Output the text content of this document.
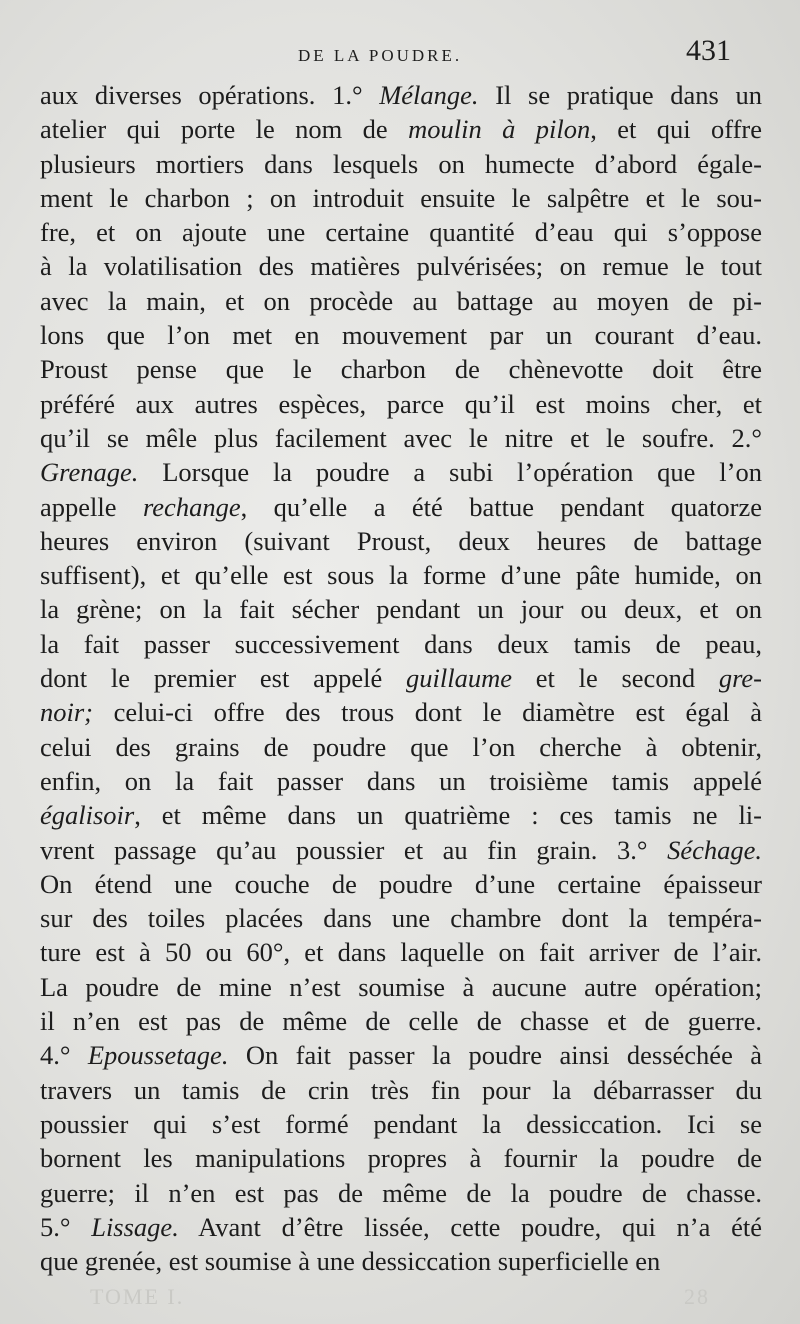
DE LA POUDRE.	431
aux diverses opérations. 1.° Mélange. Il se pratique dans un
atelier qui porte le nom de moulin à pilon, et qui offre
plusieurs mortiers dans lesquels on humecte d’abord égale-
ment le charbon ; on introduit ensuite le salpêtre et le sou-
fre, et on ajoute une certaine quantité d’eau qui s’oppose
à la volatilisation des matières pulvérisées; on remue le tout
avec la main, et on procède au battage au moyen de pi-
lons que l’on met en mouvement par un courant d’eau.
Proust pense que le charbon de chènevotte doit être
préféré aux autres espèces, parce qu’il est moins cher, et
qu’il se mêle plus facilement avec le nitre et le soufre. 2.°
Grenage. Lorsque la poudre a subi l’opération que l’on
appelle rechange, qu’elle a été battue pendant quatorze
heures environ (suivant Proust, deux heures de battage
suffisent), et qu’elle est sous la forme d’une pâte humide, on
la grène; on la fait sécher pendant un jour ou deux, et on
la fait passer successivement dans deux tamis de peau,
dont le premier est appelé guillaume et le second gre-
noir; celui-ci offre des trous dont le diamètre est égal à
celui des grains de poudre que l’on cherche à obtenir,
enfin, on la fait passer dans un troisième tamis appelé
égalisoir, et même dans un quatrième : ces tamis ne li-
vrent passage qu’au poussier et au fin grain. 3.° Séchage.
On étend une couche de poudre d’une certaine épaisseur
sur des toiles placées dans une chambre dont la tempéra-
ture est à 50 ou 60°, et dans laquelle on fait arriver de l’air.
La poudre de mine n’est soumise à aucune autre opération;
il n’en est pas de même de celle de chasse et de guerre.
4.° Epoussetage. On fait passer la poudre ainsi desséchée à
travers un tamis de crin très fin pour la débarrasser du
poussier qui s’est formé pendant la dessiccation. Ici se
bornent les manipulations propres à fournir la poudre de
guerre; il n’en est pas de même de la poudre de chasse.
5.° Lissage. Avant d’être lissée, cette poudre, qui n’a été
que grenée, est soumise à une dessiccation superficielle en
TOME I.	28
